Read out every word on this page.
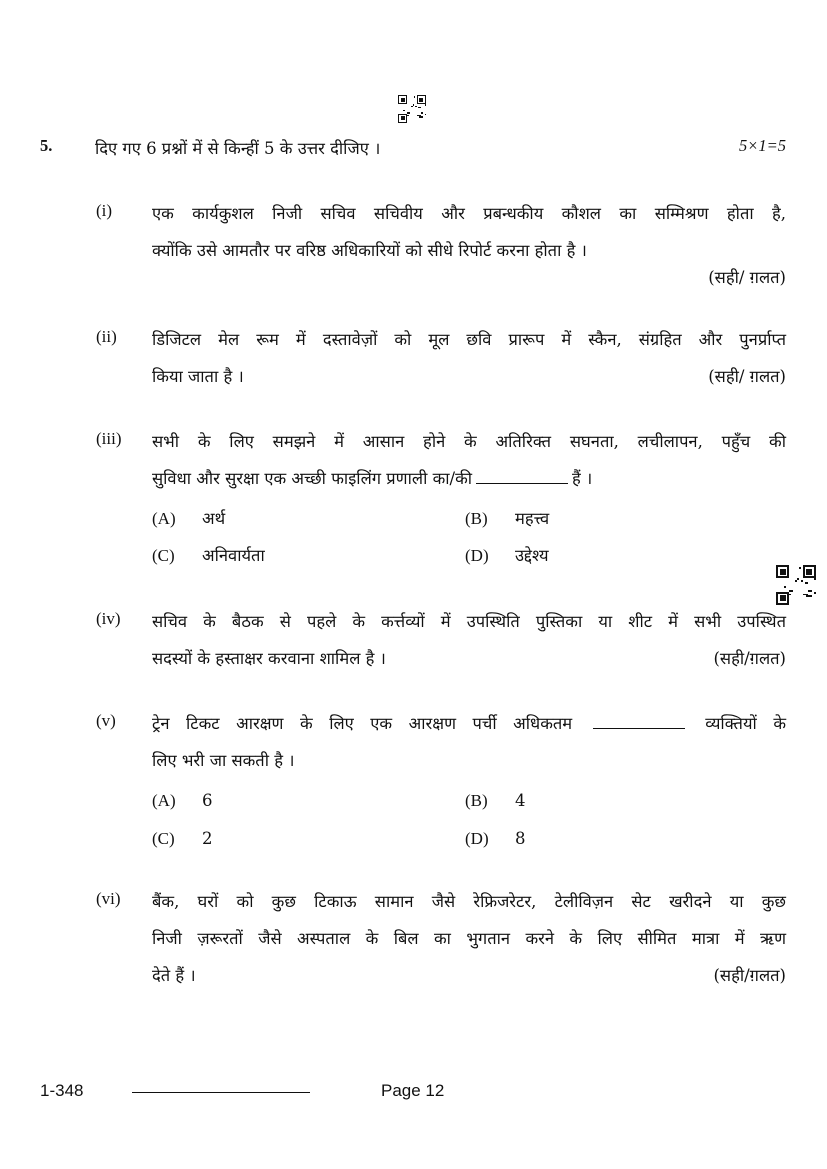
5.	दिए गए 6 प्रश्नों में से किन्हीं 5 के उत्तर दीजिए ।	5×1=5
(i) एक कार्यकुशल निजी सचिव सचिवीय और प्रबन्धकीय कौशल का सम्मिश्रण होता है,
क्योंकि उसे आमतौर पर वरिष्ठ अधिकारियों को सीधे रिपोर्ट करना होता है ।
(सही/ ग़लत)
(ii) डिजिटल मेल रूम में दस्तावेज़ों को मूल छवि प्रारूप में स्कैन, संग्रहित और पुनर्प्राप्त
किया जाता है ।	(सही/ ग़लत)
(iii) सभी के लिए समझने में आसान होने के अतिरिक्त सघनता, लचीलापन, पहुँच की
सुविधा और सुरक्षा एक अच्छी फाइलिंग प्रणाली का/की	हैं ।
(A) अर्थ	(B) महत्त्व
(C) अनिवार्यता	(D) उद्देश्य
(iv) सचिव के बैठक से पहले के कर्त्तव्यों में उपस्थिति पुस्तिका या शीट में सभी उपस्थित
सदस्यों के हस्ताक्षर करवाना शामिल है ।	(सही/ग़लत)
(v) ट्रेन टिकट आरक्षण के लिए एक आरक्षण पर्ची अधिकतम	व्यक्तियों के
लिए भरी जा सकती है ।
(A) 6	(B) 4
(C) 2	(D) 8
(vi) बैंक, घरों को कुछ टिकाऊ सामान जैसे रेफ्रिजरेटर, टेलीविज़न सेट खरीदने या कुछ
निजी ज़रूरतों जैसे अस्पताल के बिल का भुगतान करने के लिए सीमित मात्रा में ऋण
देते हैं ।	(सही/ग़लत)
1-348	Page 12
